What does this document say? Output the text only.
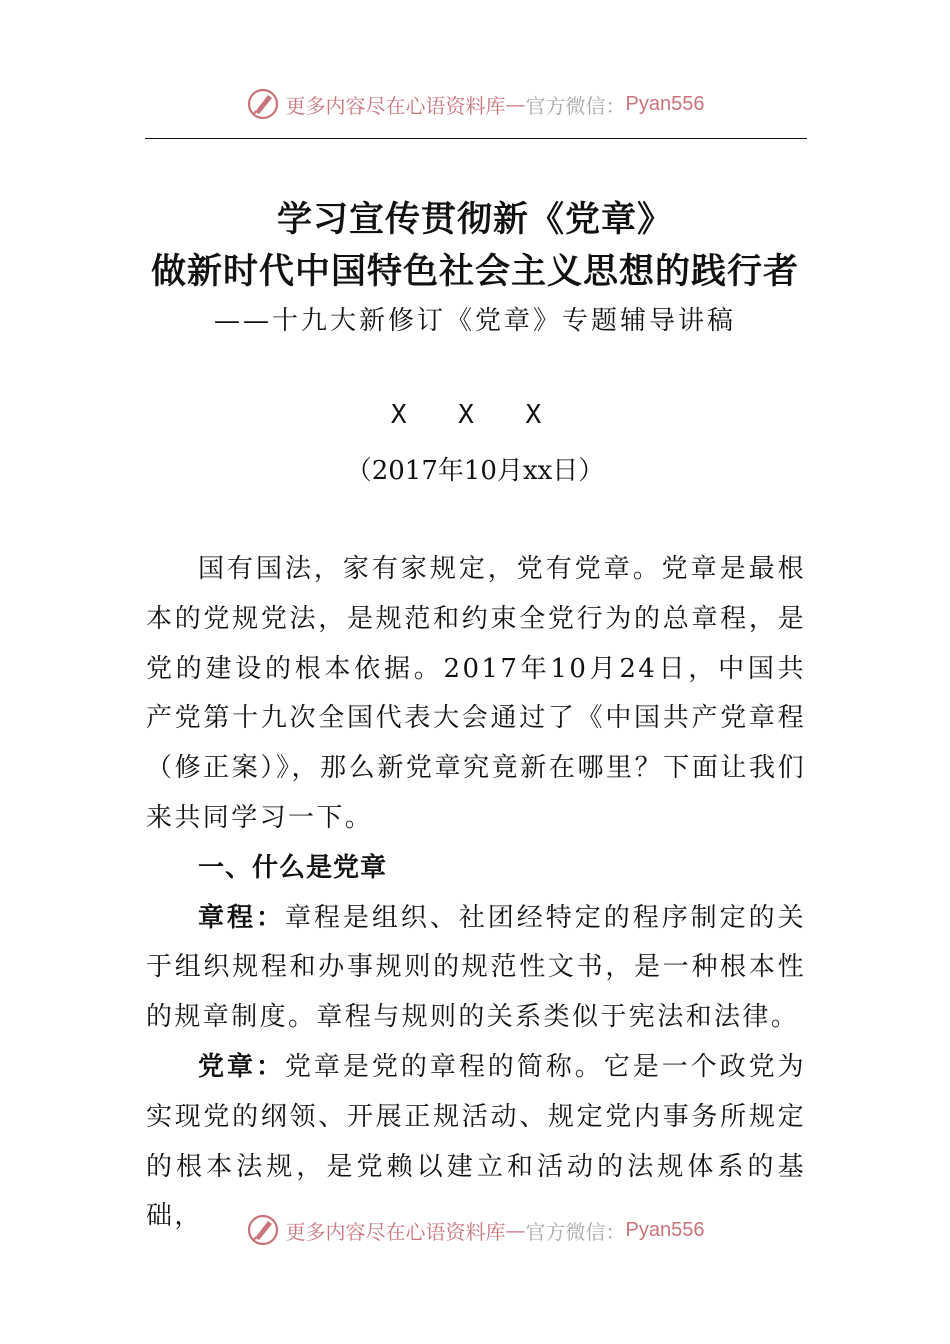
更多内容尽在心语资料库 — 官方微信： Pyan556
学习宣传贯彻新《党章》
做新时代中国特色社会主义思想的践行者
——十九大新修订《党章》专题辅导讲稿
X X X
（2017年10月xx日）

国有国法，家有家规定，党有党章。党章是最根本的党规党法，是规范和约束全党行为的总章程，是党的建设的根本依据。2017年10月24日，中国共产党第十九次全国代表大会通过了《中国共产党章程（修正案）》，那么新党章究竟新在哪里？下面让我们来共同学习一下。

一、什么是党章

章程：章程是组织、社团经特定的程序制定的关于组织规程和办事规则的规范性文书，是一种根本性的规章制度。章程与规则的关系类似于宪法和法律。

党章：党章是党的章程的简称。它是一个政党为实现党的纲领、开展正规活动、规定党内事务所规定的根本法规，是党赖以建立和活动的法规体系的基础，

更多内容尽在心语资料库 — 官方微信： Pyan556
